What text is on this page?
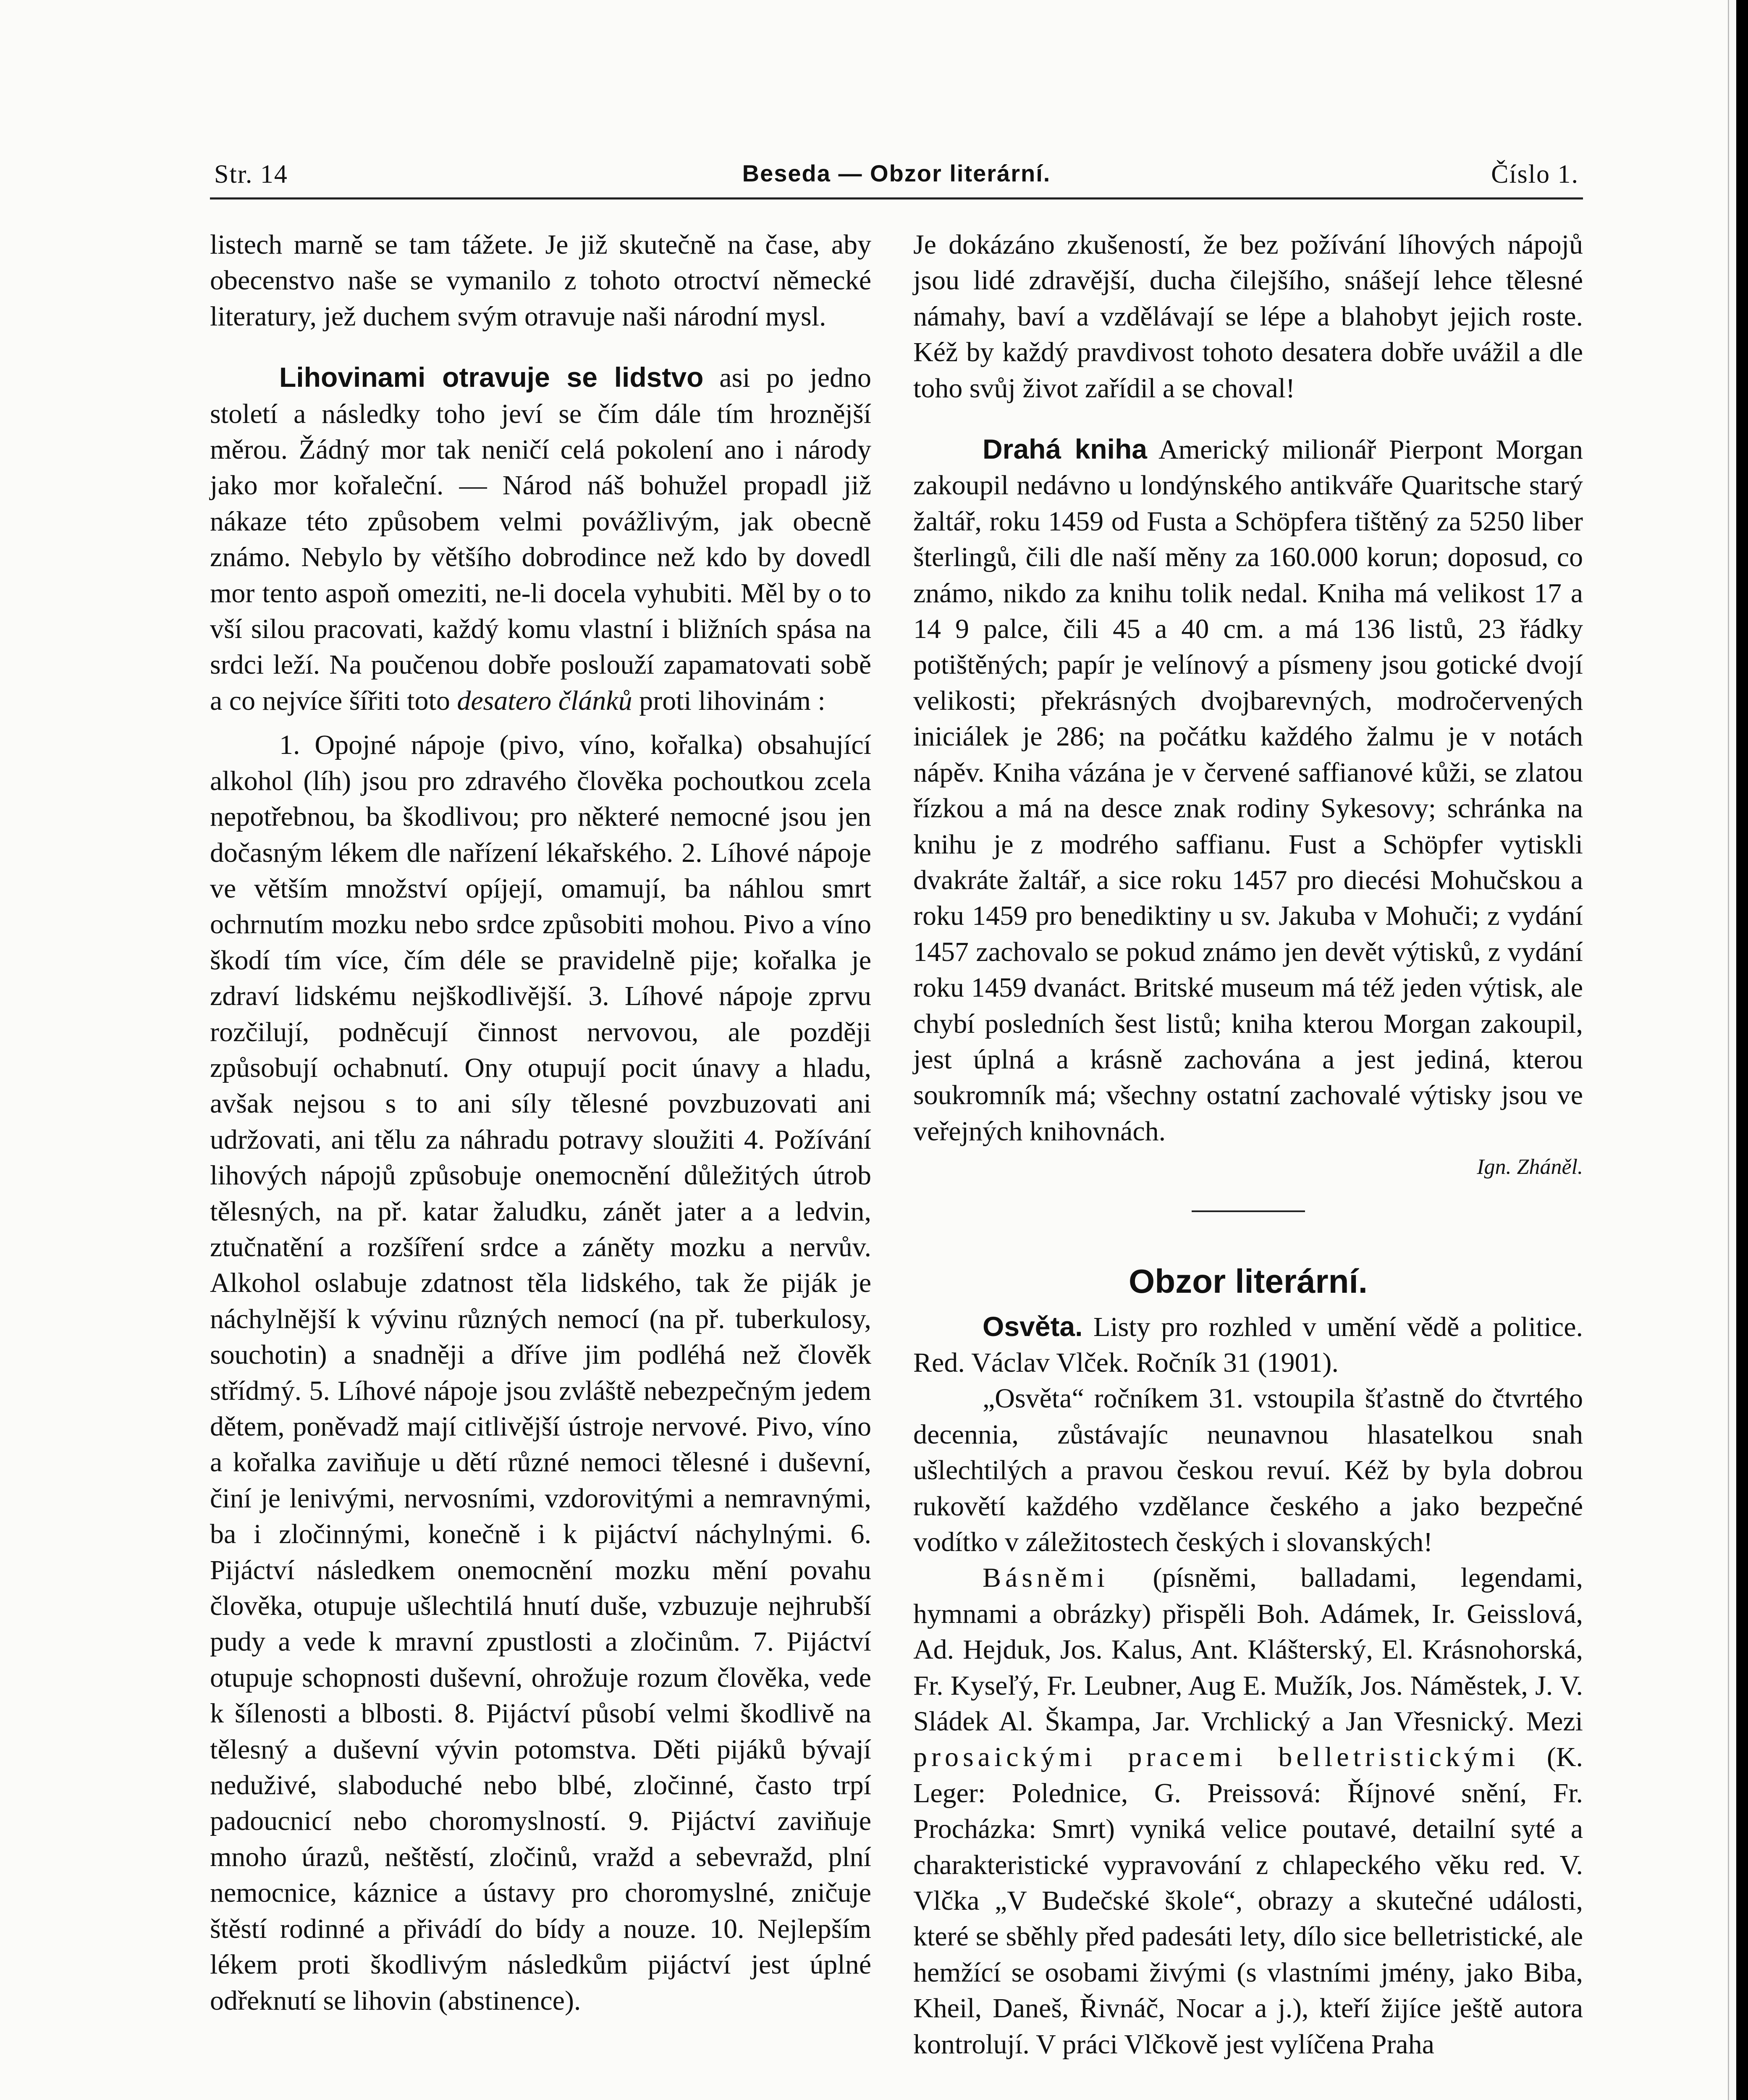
Str. 14	Beseda — Obzor literární.	Číslo 1.

listech marně se tam tážete. Je již skutečně na čase, aby obecenstvo naše se vymanilo z tohoto otroctví německé literatury, jež duchem svým otravuje naši národní mysl.

Lihovinami otravuje se lidstvo asi po jedno století a následky toho jeví se čím dále tím hroznější měrou. Žádný mor tak neničí celá pokolení ano i národy jako mor kořaleční. — Národ náš bohužel propadl již nákaze této způsobem velmi povážlivým, jak obecně známo. Nebylo by většího dobrodince než kdo by dovedl mor tento aspoň omeziti, ne-li docela vyhubiti. Měl by o to vší silou pracovati, každý komu vlastní i bližních spása na srdci leží. Na poučenou dobře poslouží zapamatovati sobě a co nejvíce šířiti toto desatero článků proti lihovinám :

1. Opojné nápoje (pivo, víno, kořalka) obsahující alkohol (líh) jsou pro zdravého člověka pochoutkou zcela nepotřebnou, ba škodlivou; pro některé nemocné jsou jen dočasným lékem dle nařízení lékařského. 2. Líhové nápoje ve větším množství opíjejí, omamují, ba náhlou smrt ochrnutím mozku nebo srdce způsobiti mohou. Pivo a víno škodí tím více, čím déle se pravidelně pije; kořalka je zdraví lidskému nejškodlivější. 3. Líhové nápoje zprvu rozčilují, podněcují činnost nervovou, ale později způsobují ochabnutí. Ony otupují pocit únavy a hladu, avšak nejsou s to ani síly tělesné povzbuzovati ani udržovati, ani tělu za náhradu potravy sloužiti 4. Požívání lihových nápojů způsobuje onemocnění důležitých útrob tělesných, na př. katar žaludku, zánět jater a a ledvin, ztučnatění a rozšíření srdce a záněty mozku a nervův. Alkohol oslabuje zdatnost těla lidského, tak že piják je náchylnější k vývinu různých nemocí (na př. tuberkulosy, souchotin) a snadněji a dříve jim podléhá než člověk střídmý. 5. Líhové nápoje jsou zvláště nebezpečným jedem dětem, poněvadž mají citlivější ústroje nervové. Pivo, víno a kořalka zaviňuje u dětí různé nemoci tělesné i duševní, činí je lenivými, nervosními, vzdorovitými a nemravnými, ba i zločinnými, konečně i k pijáctví náchylnými. 6. Pijáctví následkem onemocnění mozku mění povahu člověka, otupuje ušlechtilá hnutí duše, vzbuzuje nejhrubší pudy a vede k mravní zpustlosti a zločinům. 7. Pijáctví otupuje schopnosti duševní, ohrožuje rozum člověka, vede k šílenosti a blbosti. 8. Pijáctví působí velmi škodlivě na tělesný a duševní vývin potomstva. Děti pijáků bývají neduživé, slaboduché nebo blbé, zločinné, často trpí padoucnicí nebo choromyslností. 9. Pijáctví zaviňuje mnoho úrazů, neštěstí, zločinů, vražd a sebevražd, plní nemocnice, káznice a ústavy pro choromyslné, zničuje štěstí rodinné a přivádí do bídy a nouze. 10. Nejlepším lékem proti škodlivým následkům pijáctví jest úplné odřeknutí se lihovin (abstinence).

Je dokázáno zkušeností, že bez požívání líhových nápojů jsou lidé zdravější, ducha čilejšího, snášejí lehce tělesné námahy, baví a vzdělávají se lépe a blahobyt jejich roste. Kéž by každý pravdivost tohoto desatera dobře uvážil a dle toho svůj život zařídil a se choval!

Drahá kniha Americký milionář Pierpont Morgan zakoupil nedávno u londýnského antikváře Quaritsche starý žaltář, roku 1459 od Fusta a Schöpfera tištěný za 5250 liber šterlingů, čili dle naší měny za 160.000 korun; doposud, co známo, nikdo za knihu tolik nedal. Kniha má velikost 17 a 14 9 palce, čili 45 a 40 cm. a má 136 listů, 23 řádky potištěných; papír je velínový a písmeny jsou gotické dvojí velikosti; překrásných dvojbarevných, modročervených iniciálek je 286; na počátku každého žalmu je v notách nápěv. Kniha vázána je v červené saffianové kůži, se zlatou řízkou a má na desce znak rodiny Sykesovy; schránka na knihu je z modrého saffianu. Fust a Schöpfer vytiskli dvakráte žaltář, a sice roku 1457 pro diecési Mohučskou a roku 1459 pro benediktiny u sv. Jakuba v Mohuči; z vydání 1457 zachovalo se pokud známo jen devět výtisků, z vydání roku 1459 dvanáct. Britské museum má též jeden výtisk, ale chybí posledních šest listů; kniha kterou Morgan zakoupil, jest úplná a krásně zachována a jest jediná, kterou soukromník má; všechny ostatní zachovalé výtisky jsou ve veřejných knihovnách.

Ign. Zháněl.

Obzor literární.

Osvěta. Listy pro rozhled v umění vědě a politice. Red. Václav Vlček. Ročník 31 (1901).

„Osvěta“ ročníkem 31. vstoupila šťastně do čtvrtého decennia, zůstávajíc neunavnou hlasatelkou snah ušlechtilých a pravou českou revuí. Kéž by byla dobrou rukovětí každého vzdělance českého a jako bezpečné vodítko v záležitostech českých i slovanských!

Básněmi (písněmi, balladami, legendami, hymnami a obrázky) přispěli Boh. Adámek, Ir. Geisslová, Ad. Hejduk, Jos. Kalus, Ant. Klášterský, El. Krásnohorská, Fr. Kyseľý, Fr. Leubner, Aug E. Mužík, Jos. Náměstek, J. V. Sládek Al. Škampa, Jar. Vrchlický a Jan Vřesnický. Mezi prosaickými pracemi belletristickými (K. Leger: Polednice, G. Preissová: Říjnové snění, Fr. Procházka: Smrt) vyniká velice poutavé, detailní syté a charakteristické vypravování z chlapeckého věku red. V. Vlčka „V Budečské škole“, obrazy a skutečné události, které se sběhly před padesáti lety, dílo sice belletristické, ale hemžící se osobami živými (s vlastními jmény, jako Biba, Kheil, Daneš, Řivnáč, Nocar a j.), kteří žijíce ještě autora kontrolují. V práci Vlčkově jest vylíčena Praha
